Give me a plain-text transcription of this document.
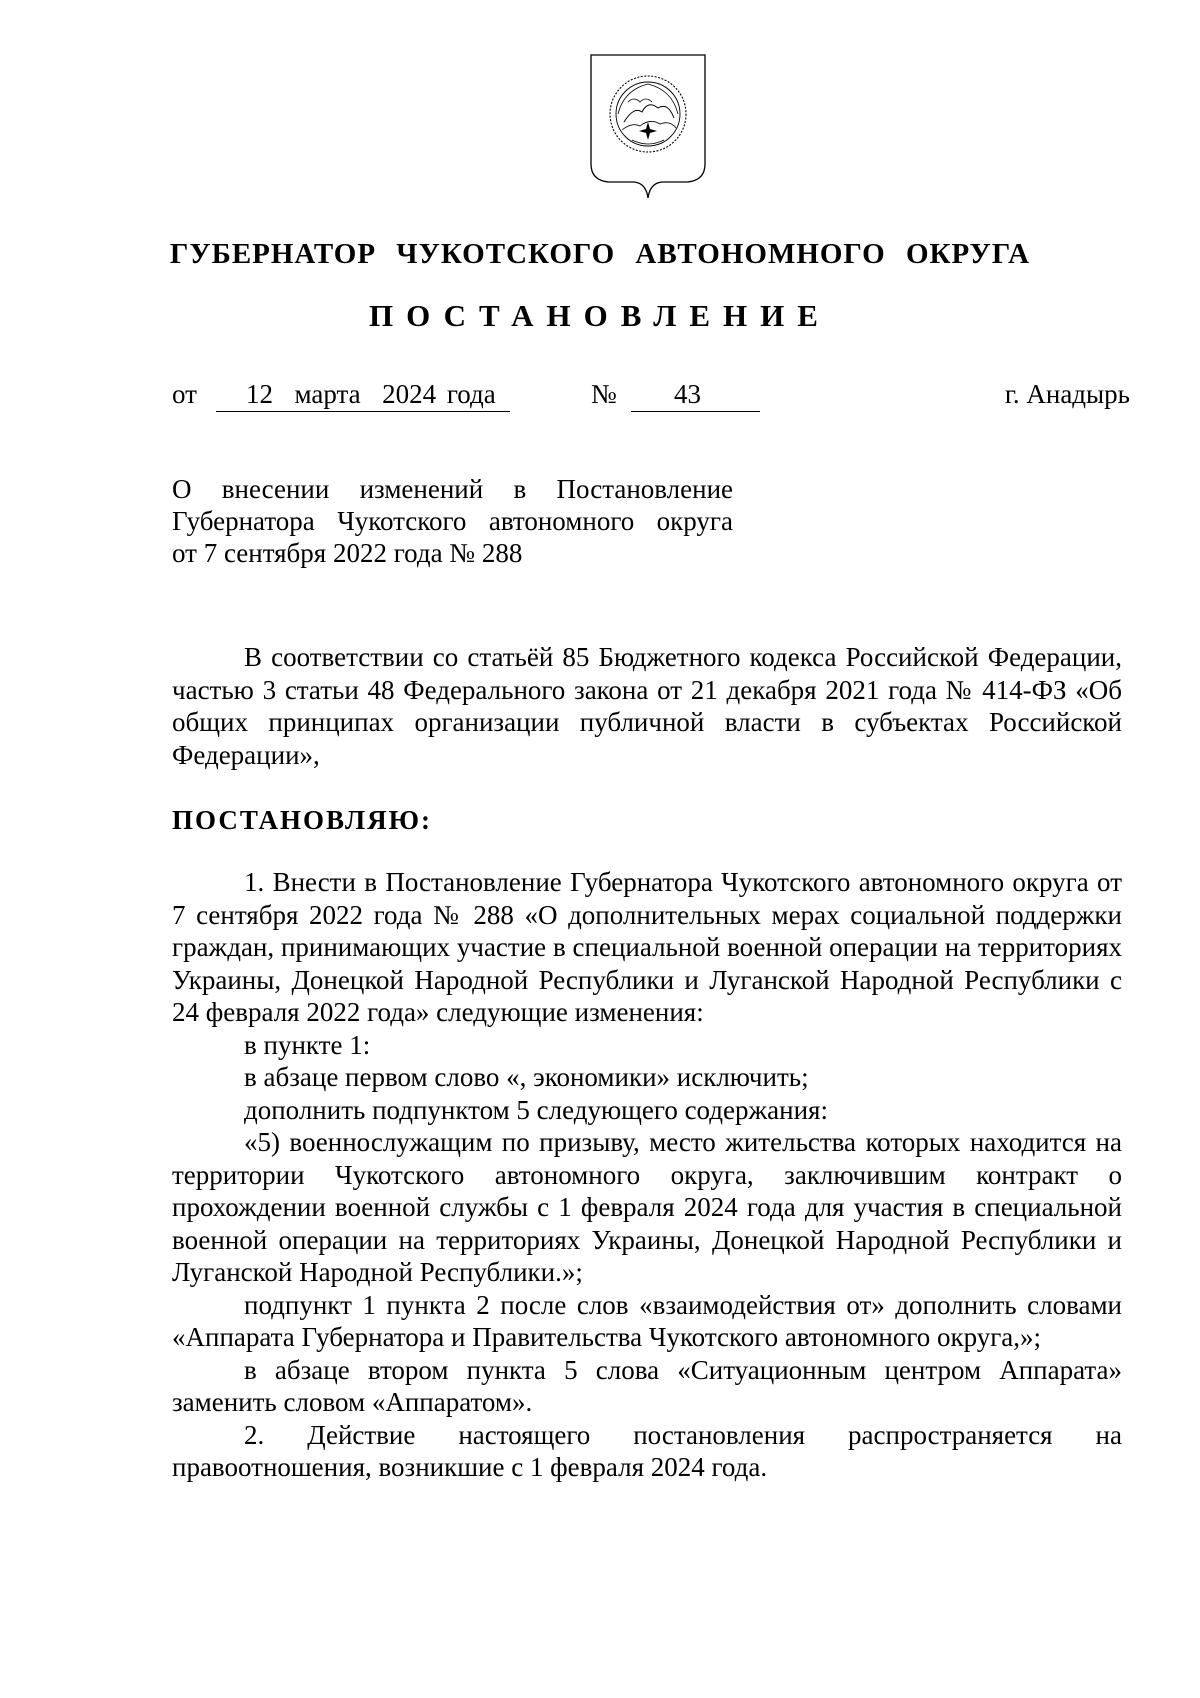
ГУБЕРНАТОР ЧУКОТСКОГО АВТОНОМНОГО ОКРУГА
ПОСТАНОВЛЕНИЕ
от	12  марта  2024 года	№	43	г. Анадырь
О внесении изменений в Постановление
Губернатора Чукотского автономного округа
от 7 сентября 2022 года № 288

В соответствии со статьёй 85 Бюджетного кодекса Российской Федерации, частью 3 статьи 48 Федерального закона от 21 декабря 2021 года № 414-ФЗ «Об общих принципах организации публичной власти в субъектах Российской Федерации»,

ПОСТАНОВЛЯЮ:

1. Внести в Постановление Губернатора Чукотского автономного округа от 7 сентября 2022 года № 288 «О дополнительных мерах социальной поддержки граждан, принимающих участие в специальной военной операции на территориях Украины, Донецкой Народной Республики и Луганской Народной Республики с 24 февраля 2022 года» следующие изменения:

в пункте 1:

в абзаце первом слово «, экономики» исключить;

дополнить подпунктом 5 следующего содержания:

«5) военнослужащим по призыву, место жительства которых находится на территории Чукотского автономного округа, заключившим контракт о прохождении военной службы с 1 февраля 2024 года для участия в специальной военной операции на территориях Украины, Донецкой Народной Республики и Луганской Народной Республики.»;

подпункт 1 пункта 2 после слов «взаимодействия от» дополнить словами «Аппарата Губернатора и Правительства Чукотского автономного округа,»;

в абзаце втором пункта 5 слова «Ситуационным центром Аппарата» заменить словом «Аппаратом».

2. Действие настоящего постановления распространяется на правоотношения, возникшие с 1 февраля 2024 года.
